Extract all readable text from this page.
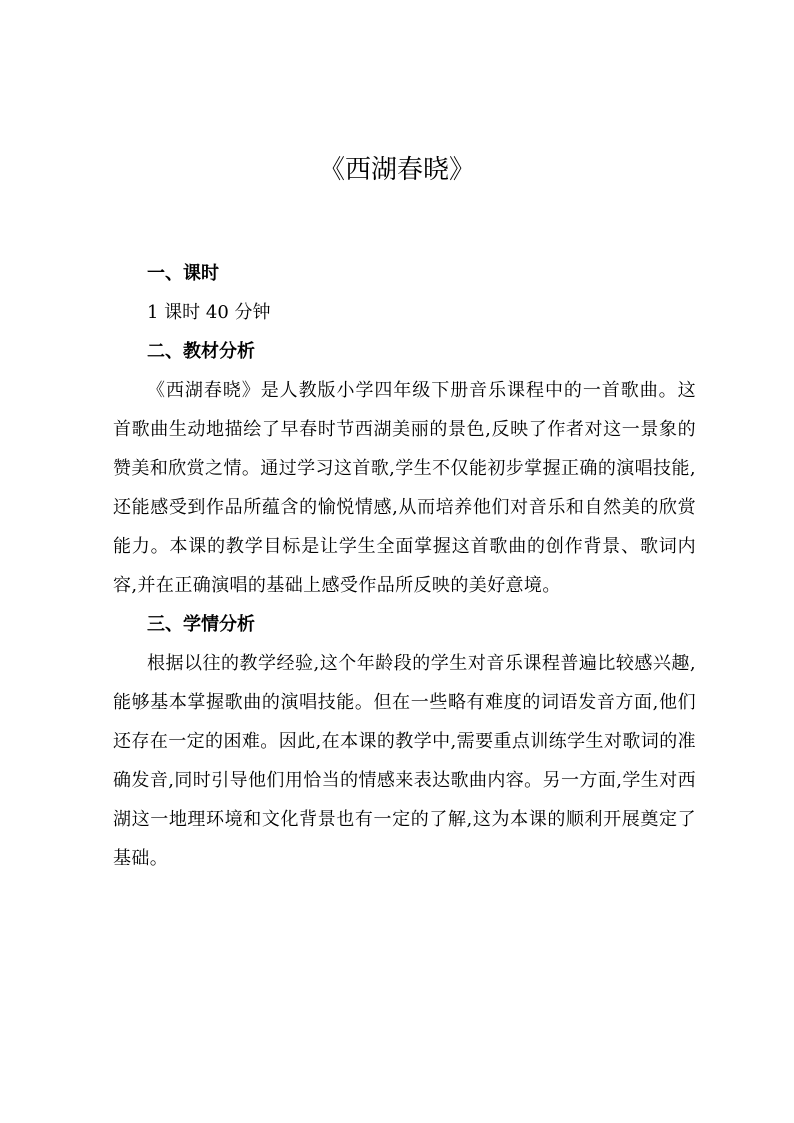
《西湖春晓》
一、课时

1 课时 40 分钟

二、教材分析

《西湖春晓》是人教版小学四年级下册音乐课程中的一首歌曲。这首歌曲生动地描绘了早春时节西湖美丽的景色,反映了作者对这一景象的赞美和欣赏之情。通过学习这首歌,学生不仅能初步掌握正确的演唱技能,还能感受到作品所蕴含的愉悦情感,从而培养他们对音乐和自然美的欣赏能力。本课的教学目标是让学生全面掌握这首歌曲的创作背景、歌词内容,并在正确演唱的基础上感受作品所反映的美好意境。

三、学情分析

根据以往的教学经验,这个年龄段的学生对音乐课程普遍比较感兴趣,能够基本掌握歌曲的演唱技能。但在一些略有难度的词语发音方面,他们还存在一定的困难。因此,在本课的教学中,需要重点训练学生对歌词的准确发音,同时引导他们用恰当的情感来表达歌曲内容。另一方面,学生对西湖这一地理环境和文化背景也有一定的了解,这为本课的顺利开展奠定了基础。
